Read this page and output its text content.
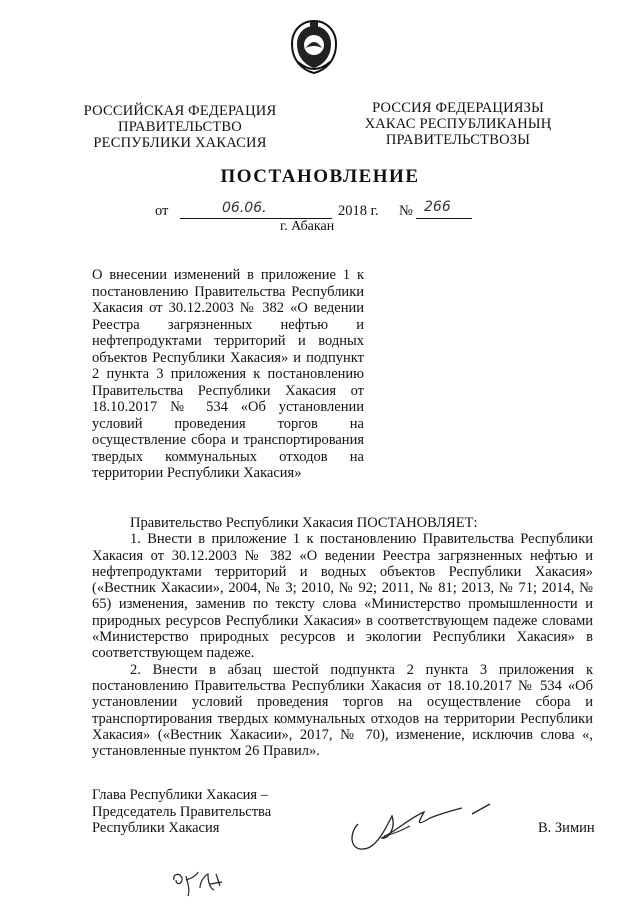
РОССИЙСКАЯ ФЕДЕРАЦИЯ
ПРАВИТЕЛЬСТВО
РЕСПУБЛИКИ ХАКАСИЯ
РОССИЯ ФЕДЕРАЦИЯЗЫ
ХАКАС РЕСПУБЛИКАНЫҢ
ПРАВИТЕЛЬСТВОЗЫ
ПОСТАНОВЛЕНИЕ
от	06.06.	2018 г. № 266
г. Абакан
О внесении изменений в приложение 1 к постановлению Правительства Республики Хакасия от 30.12.2003 № 382 «О ведении Реестра загрязненных нефтью и нефтепродуктами территорий и водных объектов Республики Хакасия» и подпункт 2 пункта 3 приложения к постановлению Правительства Республики Хакасия от 18.10.2017 № 534 «Об установлении условий проведения торгов на осуществление сбора и транспортирования твердых коммунальных отходов на территории Республики Хакасия»

Правительство Республики Хакасия ПОСТАНОВЛЯЕТ:

1. Внести в приложение 1 к постановлению Правительства Республики Хакасия от 30.12.2003 № 382 «О ведении Реестра загрязненных нефтью и нефтепродуктами территорий и водных объектов Республики Хакасия» («Вестник Хакасии», 2004, № 3; 2010, № 92; 2011, № 81; 2013, № 71; 2014, № 65) изменения, заменив по тексту слова «Министерство промышленности и природных ресурсов Республики Хакасия» в соответствующем падеже словами «Министерство природных ресурсов и экологии Республики Хакасия» в соответствующем падеже.

2. Внести в абзац шестой подпункта 2 пункта 3 приложения к постановлению Правительства Республики Хакасия от 18.10.2017 № 534 «Об установлении условий проведения торгов на осуществление сбора и транспортирования твердых коммунальных отходов на территории Республики Хакасия» («Вестник Хакасии», 2017, № 70), изменение, исключив слова «, установленные пунктом 26 Правил».

Глава Республики Хакасия –
Председатель Правительства
Республики Хакасия	В. Зимин
